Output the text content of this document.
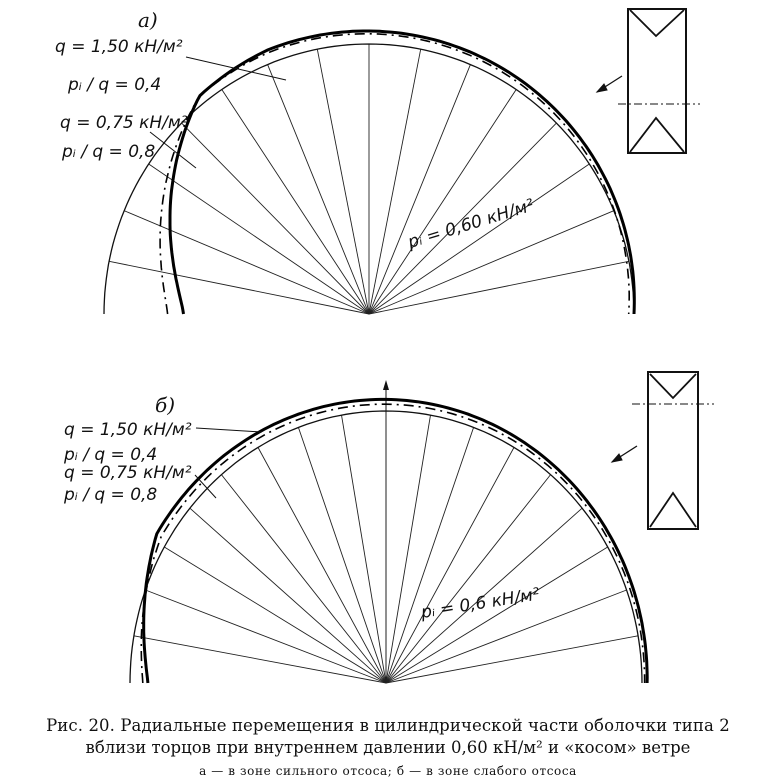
а)
q = 1,50 кН/м²
pᵢ / q = 0,4
q = 0,75 кН/м²
pᵢ / q = 0,8
pᵢ = 0,60 кН/м²
б)
q = 1,50 кН/м²
pᵢ / q = 0,4
q = 0,75 кН/м²
pᵢ / q = 0,8
pᵢ = 0,6 кН/м²
Рис. 20. Радиальные перемещения в цилиндрической части оболочки типа 2
вблизи торцов при внутреннем давлении 0,60 кН/м² и «косом» ветре
а — в зоне сильного отсоса; б — в зоне слабого отсоса
